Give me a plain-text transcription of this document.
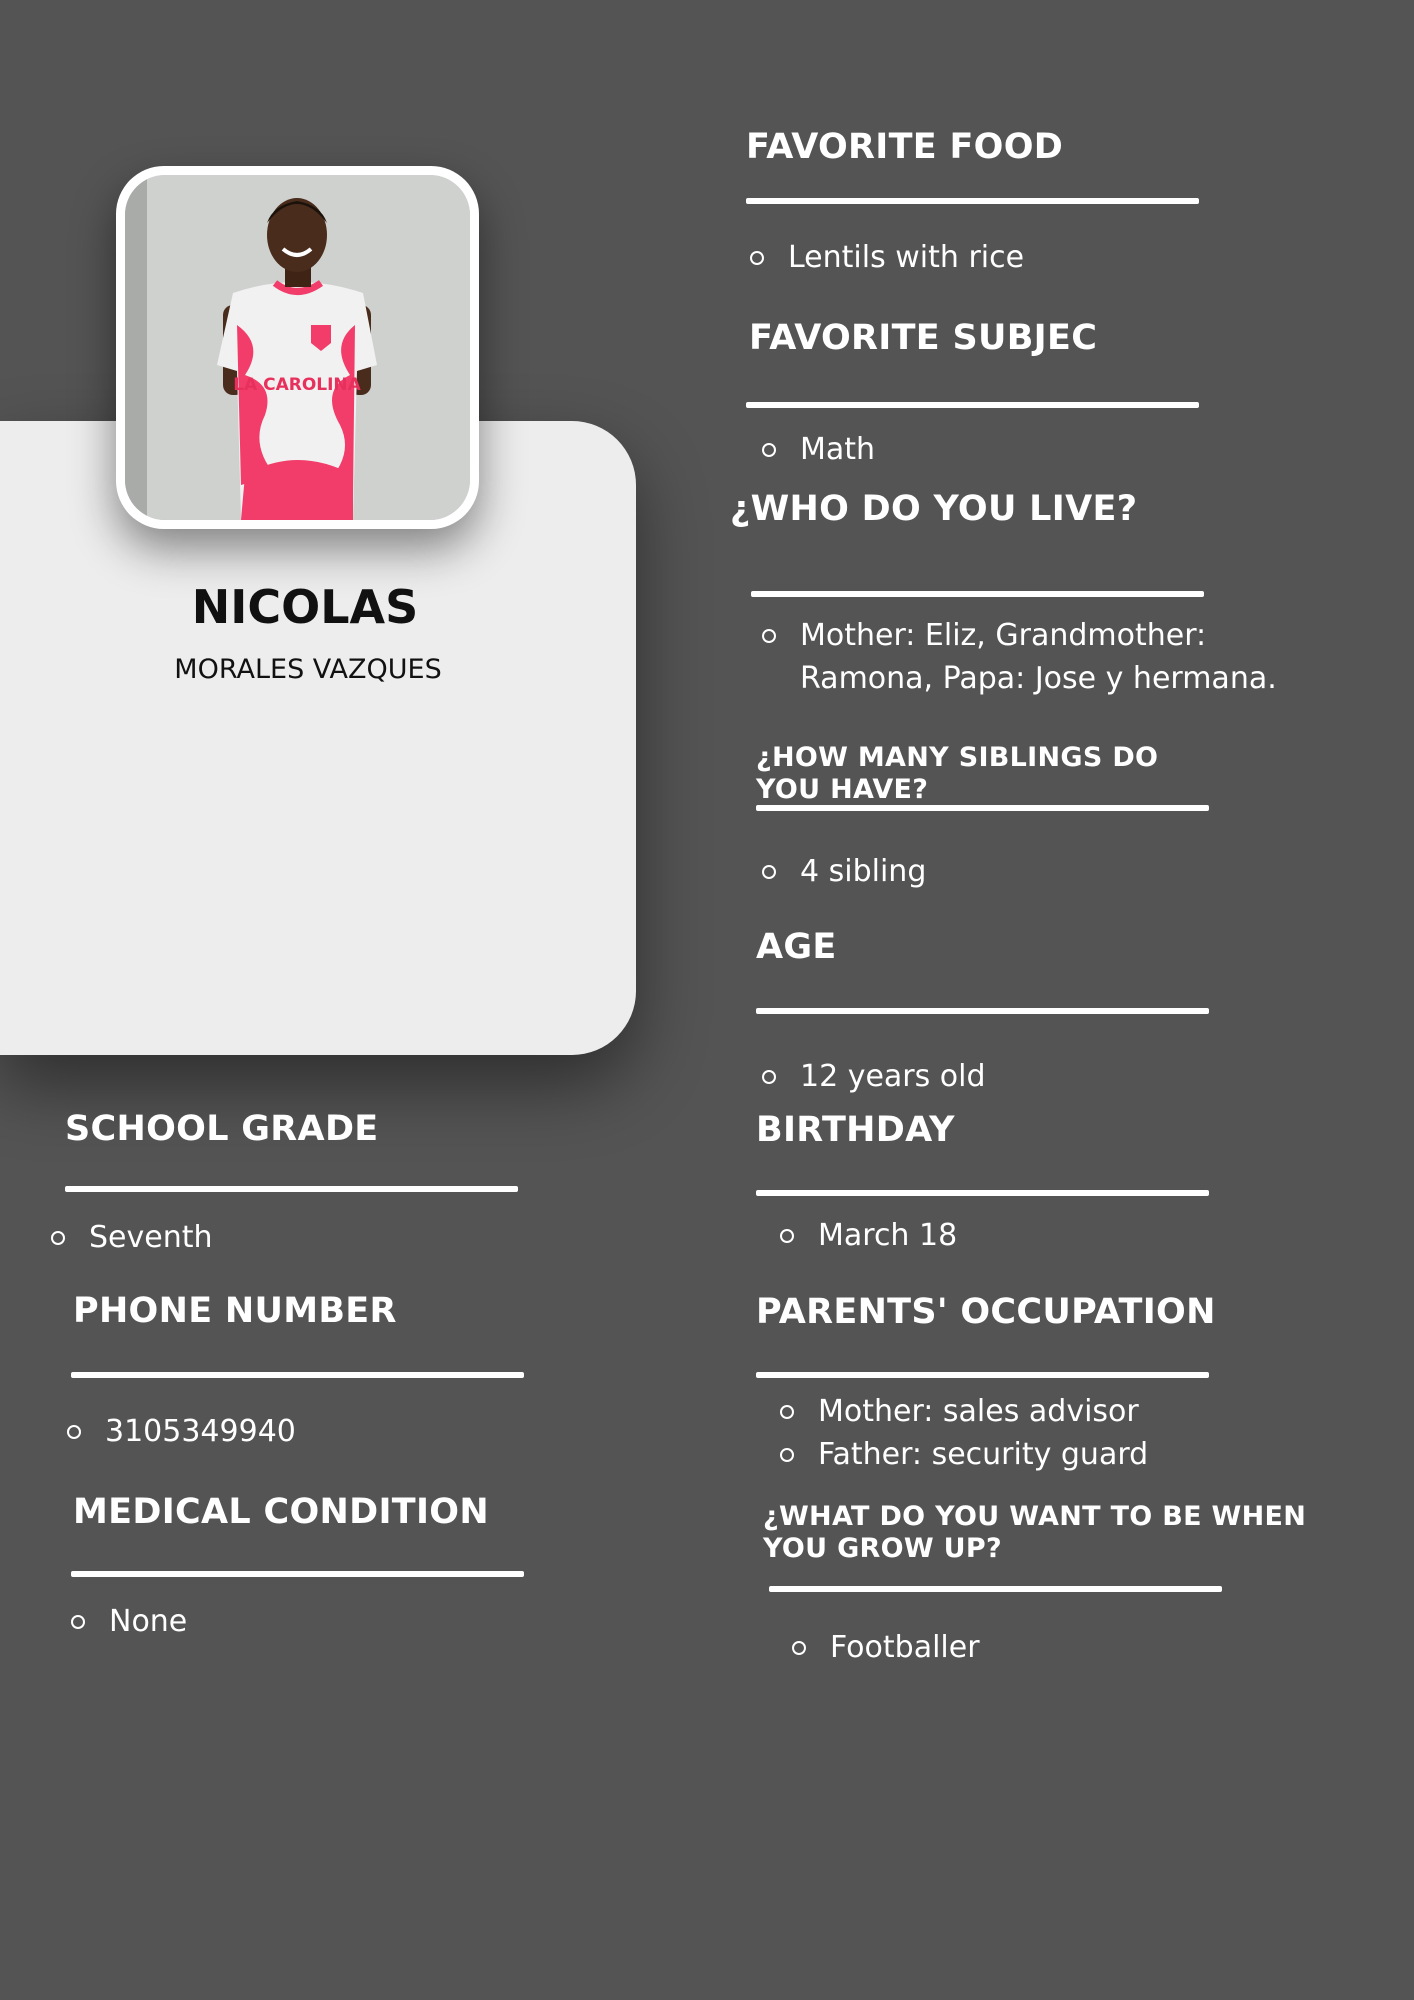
LA CAROLINA
NICOLAS
MORALES VAZQUES
FAVORITE FOOD
Lentils with rice
FAVORITE SUBJEC
Math
¿WHO DO YOU LIVE?
Mother: Eliz, Grandmother:
Ramona, Papa: Jose y hermana.
¿HOW MANY SIBLINGS DO
YOU HAVE?
4 sibling
AGE
12 years old
BIRTHDAY
March 18
PARENTS' OCCUPATION
Mother: sales advisor
Father: security guard
¿WHAT DO YOU WANT TO BE WHEN
YOU GROW UP?
Footballer
SCHOOL GRADE
Seventh
PHONE NUMBER
3105349940
MEDICAL CONDITION
None
